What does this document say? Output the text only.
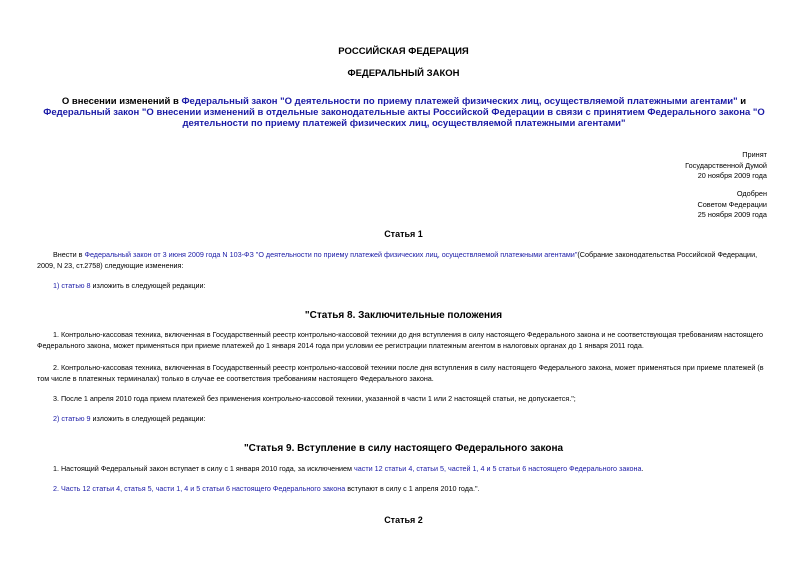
РОССИЙСКАЯ ФЕДЕРАЦИЯ
ФЕДЕРАЛЬНЫЙ ЗАКОН
О внесении изменений в Федеральный закон "О деятельности по приему платежей физических лиц, осуществляемой платежными агентами" и Федеральный закон "О внесении изменений в отдельные законодательные акты Российской Федерации в связи с принятием Федерального закона "О деятельности по приему платежей физических лиц, осуществляемой платежными агентами"
Принят
Государственной Думой
20 ноября 2009 года
Одобрен
Советом Федерации
25 ноября 2009 года
Статья 1
Внести в Федеральный закон от 3 июня 2009 года N 103-ФЗ "О деятельности по приему платежей физических лиц, осуществляемой платежными агентами"(Собрание законодательства Российской Федерации, 2009, N 23, ст.2758) следующие изменения:
1) статью 8 изложить в следующей редакции:
"Статья 8. Заключительные положения
1. Контрольно-кассовая техника, включенная в Государственный реестр контрольно-кассовой техники до дня вступления в силу настоящего Федерального закона и не соответствующая требованиям настоящего Федерального закона, может применяться при приеме платежей до 1 января 2014 года при условии ее регистрации платежным агентом в налоговых органах до 1 января 2011 года.
2. Контрольно-кассовая техника, включенная в Государственный реестр контрольно-кассовой техники после дня вступления в силу настоящего Федерального закона, может применяться при приеме платежей (в том числе в платежных терминалах) только в случае ее соответствия требованиям настоящего Федерального закона.
3. После 1 апреля 2010 года прием платежей без применения контрольно-кассовой техники, указанной в части 1 или 2 настоящей статьи, не допускается.";
2) статью 9 изложить в следующей редакции:
"Статья 9. Вступление в силу настоящего Федерального закона
1. Настоящий Федеральный закон вступает в силу с 1 января 2010 года, за исключением части 12 статьи 4, статьи 5, частей 1, 4 и 5 статьи 6 настоящего Федерального закона.
2. Часть 12 статьи 4, статья 5, части 1, 4 и 5 статьи 6 настоящего Федерального закона вступают в силу с 1 апреля 2010 года.".
Статья 2
